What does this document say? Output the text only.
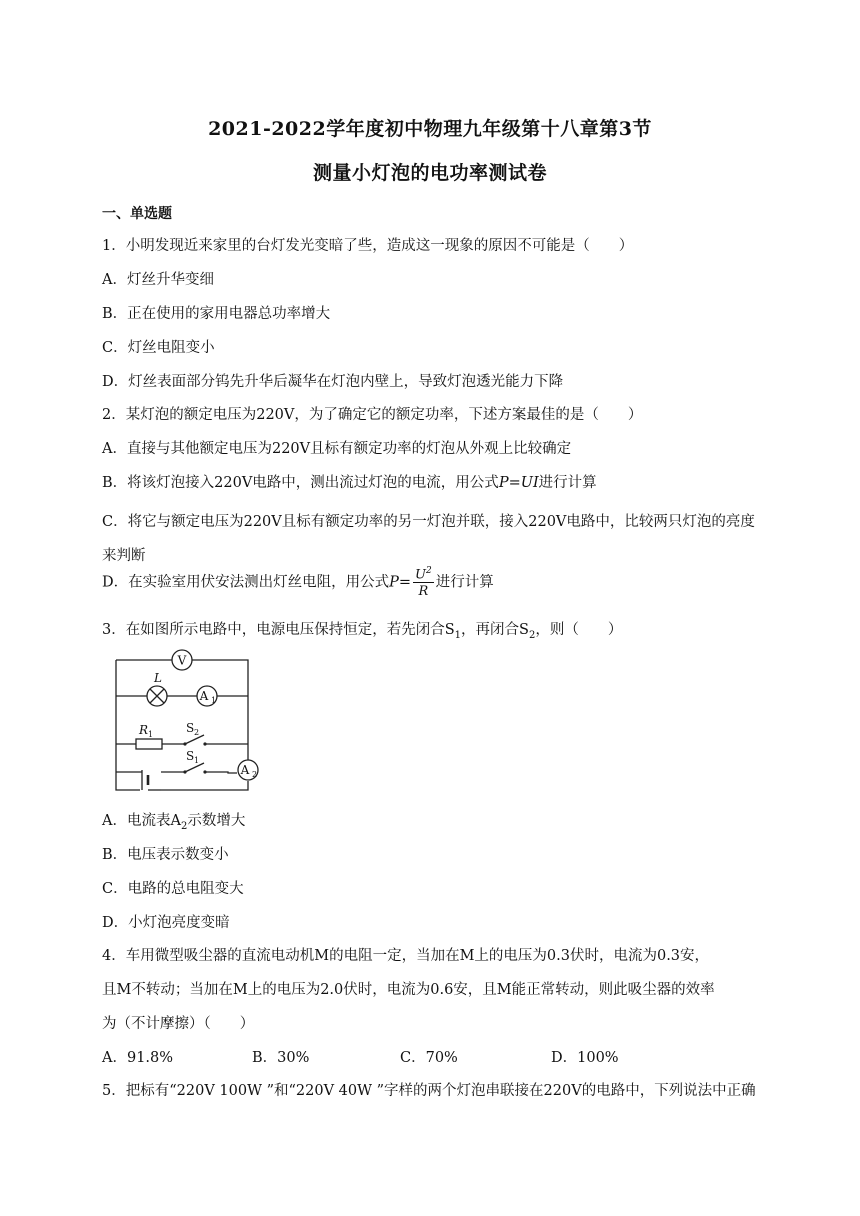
2021-2022学年度初中物理九年级第十八章第3节
测量小灯泡的电功率测试卷
一、单选题
1．小明发现近来家里的台灯发光变暗了些，造成这一现象的原因不可能是（　　）
A．灯丝升华变细
B．正在使用的家用电器总功率增大
C．灯丝电阻变小
D．灯丝表面部分钨先升华后凝华在灯泡内壁上，导致灯泡透光能力下降
2．某灯泡的额定电压为220V，为了确定它的额定功率，下述方案最佳的是（　　）
A．直接与其他额定电压为220V且标有额定功率的灯泡从外观上比较确定
B．将该灯泡接入220V电路中，测出流过灯泡的电流，用公式P=UI进行计算
C．将它与额定电压为220V且标有额定功率的另一灯泡并联，接入220V电路中，比较两只灯泡的亮度来判断
D．在实验室用伏安法测出灯丝电阻，用公式$P= \frac{U^2}{R}$ 进行计算
3．在如图所示电路中，电源电压保持恒定，若先闭合$S_1$，再闭合$S_2$，则（　　）
V
L
A 1
R 1	S 2
S 1
A 2
A．电流表$A_2$示数增大
B．电压表示数变小
C．电路的总电阻变大
D．小灯泡亮度变暗
4．车用微型吸尘器的直流电动机M的电阻一定，当加在M上的电压为0.3伏时，电流为0.3安，
且M不转动；当加在M上的电压为2.0伏时，电流为0.6安，且M能正常转动，则此吸尘器的效率
为（不计摩擦）（　　）
A．91.8%	B．30%	C．70%	D．100%
5．把标有“220V 100W ”和“220V 40W ”字样的两个灯泡串联接在220V的电路中，下列说法中正确
